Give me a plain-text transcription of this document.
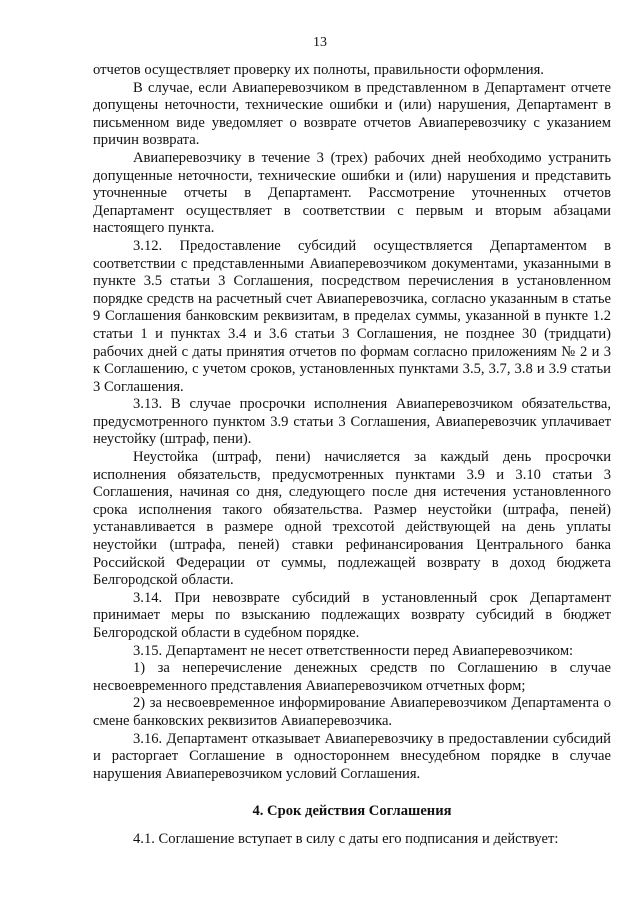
13

отчетов осуществляет проверку их полноты, правильности оформления.

В случае, если Авиаперевозчиком в представленном в Департамент отчете допущены неточности, технические ошибки и (или) нарушения, Департамент в письменном виде уведомляет о возврате отчетов Авиаперевозчику с указанием причин возврата.

Авиаперевозчику в течение 3 (трех) рабочих дней необходимо устранить допущенные неточности, технические ошибки и (или) нарушения и представить уточненные отчеты в Департамент. Рассмотрение уточненных отчетов Департамент осуществляет в соответствии с первым и вторым абзацами настоящего пункта.

3.12. Предоставление субсидий осуществляется Департаментом в соответствии с представленными Авиаперевозчиком документами, указанными в пункте 3.5 статьи 3 Соглашения, посредством перечисления в установленном порядке средств на расчетный счет Авиаперевозчика, согласно указанным в статье 9 Соглашения банковским реквизитам, в пределах суммы, указанной в пункте 1.2 статьи 1 и пунктах 3.4 и 3.6 статьи 3 Соглашения, не позднее 30 (тридцати) рабочих дней с даты принятия отчетов по формам согласно приложениям № 2 и 3 к Соглашению, с учетом сроков, установленных пунктами 3.5, 3.7, 3.8 и 3.9 статьи 3 Соглашения.

3.13. В случае просрочки исполнения Авиаперевозчиком обязательства, предусмотренного пунктом 3.9 статьи 3 Соглашения, Авиаперевозчик уплачивает неустойку (штраф, пени).

Неустойка (штраф, пени) начисляется за каждый день просрочки исполнения обязательств, предусмотренных пунктами 3.9 и 3.10 статьи 3 Соглашения, начиная со дня, следующего после дня истечения установленного срока исполнения такого обязательства. Размер неустойки (штрафа, пеней) устанавливается в размере одной трехсотой действующей на день уплаты неустойки (штрафа, пеней) ставки рефинансирования Центрального банка Российской Федерации от суммы, подлежащей возврату в доход бюджета Белгородской области.

3.14. При невозврате субсидий в установленный срок Департамент принимает меры по взысканию подлежащих возврату субсидий в бюджет Белгородской области в судебном порядке.

3.15. Департамент не несет ответственности перед Авиаперевозчиком:

1) за неперечисление денежных средств по Соглашению в случае несвоевременного представления Авиаперевозчиком отчетных форм;

2) за несвоевременное информирование Авиаперевозчиком Департамента о смене банковских реквизитов Авиаперевозчика.

3.16. Департамент отказывает Авиаперевозчику в предоставлении субсидий и расторгает Соглашение в одностороннем внесудебном порядке в случае нарушения Авиаперевозчиком условий Соглашения.

4. Срок действия Соглашения

4.1. Соглашение вступает в силу с даты его подписания и действует:
